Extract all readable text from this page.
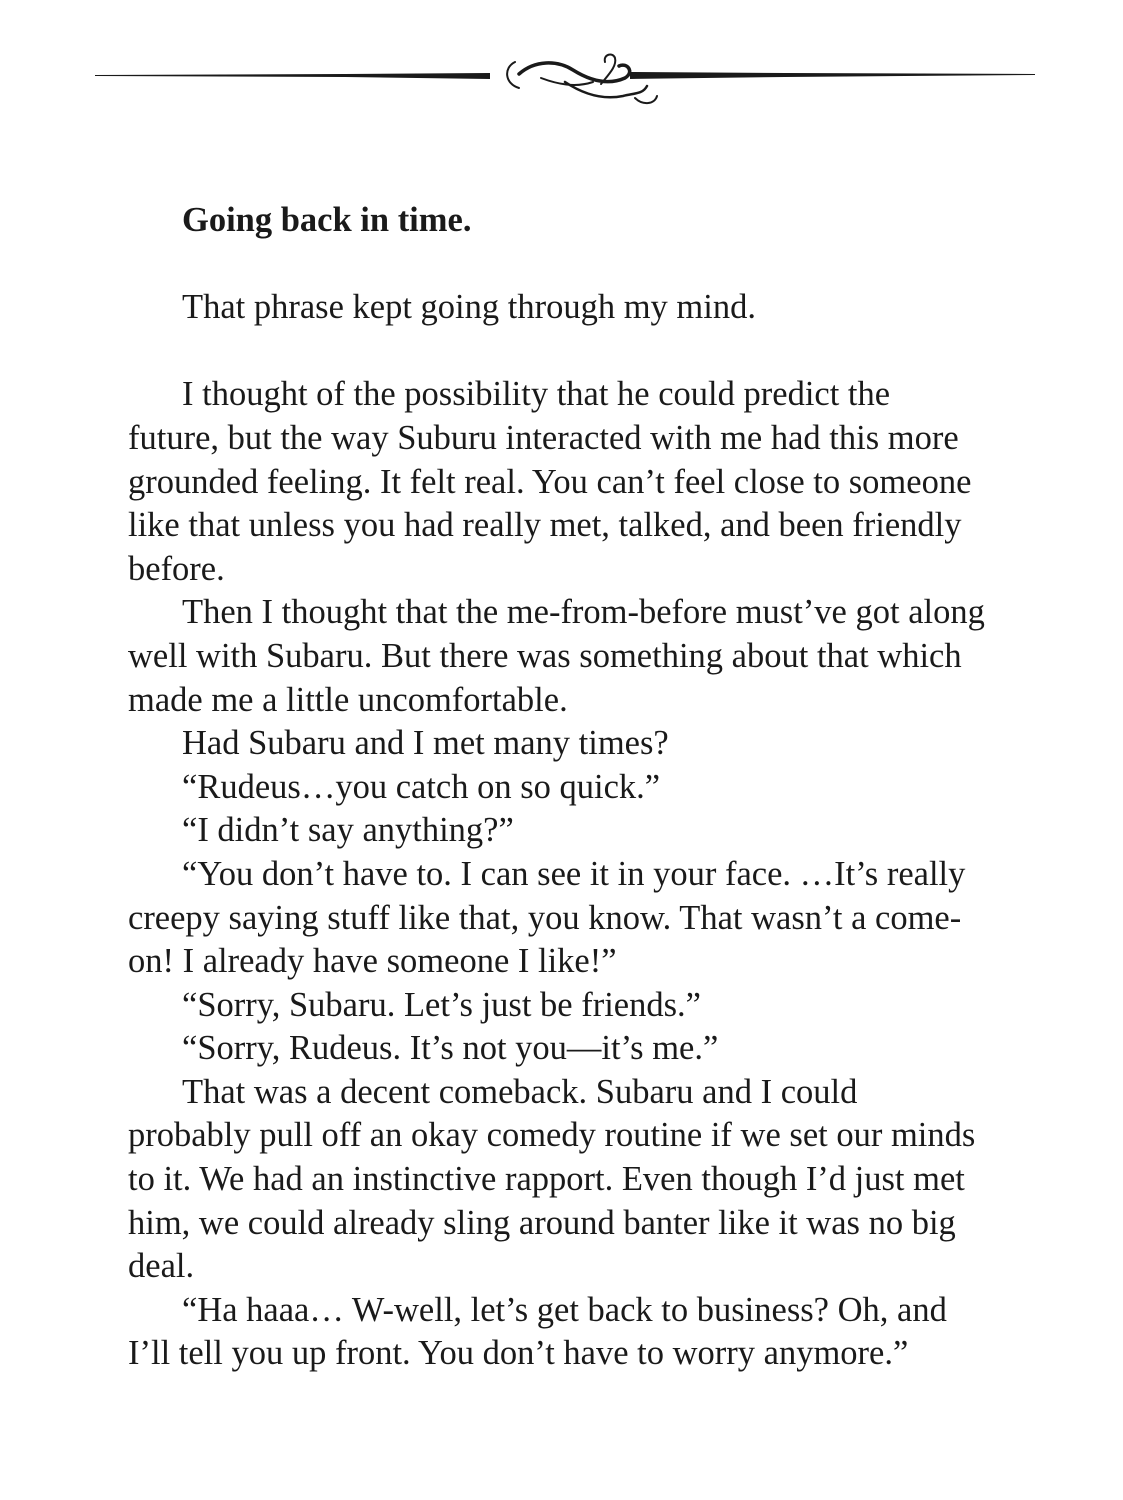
Going back in time.

That phrase kept going through my mind.

I thought of the possibility that he could predict the future, but the way Suburu interacted with me had this more grounded feeling. It felt real. You can’t feel close to someone like that unless you had really met, talked, and been friendly before.

Then I thought that the me-from-before must’ve got along well with Subaru. But there was something about that which made me a little uncomfortable.

Had Subaru and I met many times?

“Rudeus…you catch on so quick.”

“I didn’t say anything?”

“You don’t have to. I can see it in your face. …It’s really creepy saying stuff like that, you know. That wasn’t a come-on! I already have someone I like!”

“Sorry, Subaru. Let’s just be friends.”

“Sorry, Rudeus. It’s not you—it’s me.”

That was a decent comeback. Subaru and I could probably pull off an okay comedy routine if we set our minds to it. We had an instinctive rapport. Even though I’d just met him, we could already sling around banter like it was no big deal.

“Ha haaa… W-well, let’s get back to business? Oh, and I’ll tell you up front. You don’t have to worry anymore.”
